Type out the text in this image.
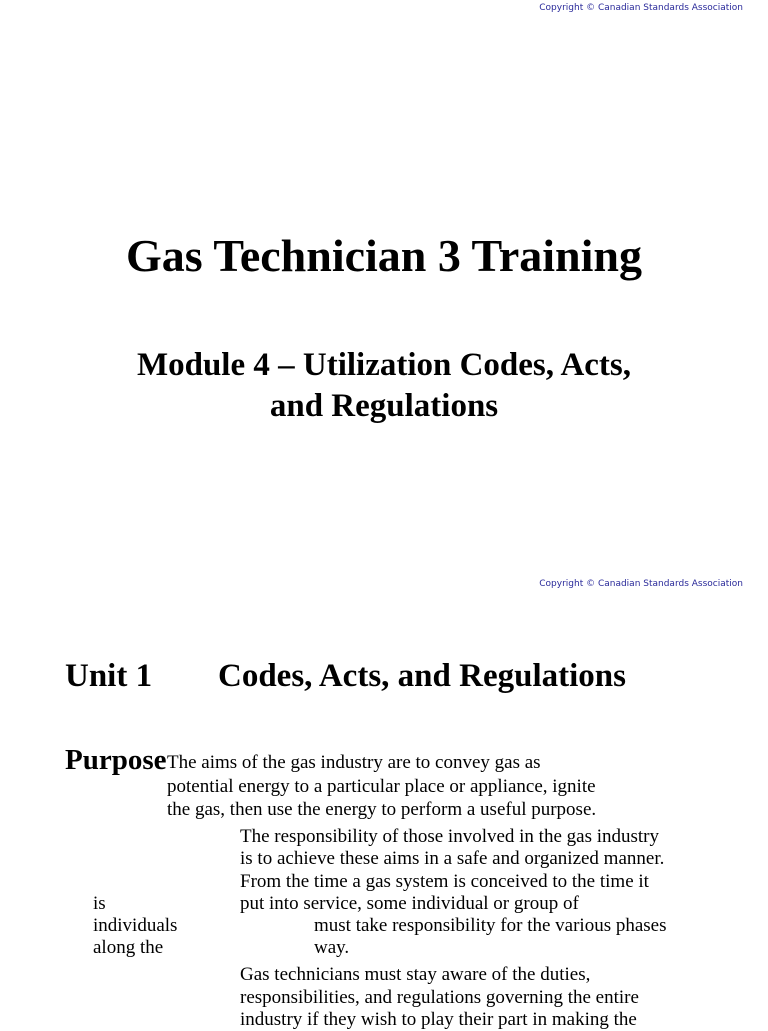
Copyright © Canadian Standards Association
Gas Technician 3 Training
Module 4 – Utilization Codes, Acts,
and Regulations
Copyright © Canadian Standards Association
Unit 1 Codes, Acts, and Regulations
Purpose The aims of the gas industry are to convey gas as
potential energy to a particular place or appliance, ignite
the gas, then use the energy to perform a useful purpose.
The responsibility of those involved in the gas industry
is to achieve these aims in a safe and organized manner.
From the time a gas system is conceived to the time it
put into service, some individual or group of
must take responsibility for the various phases
way.
is
individuals
along the
Gas technicians must stay aware of the duties,
responsibilities, and regulations governing the entire
industry if they wish to play their part in making the
